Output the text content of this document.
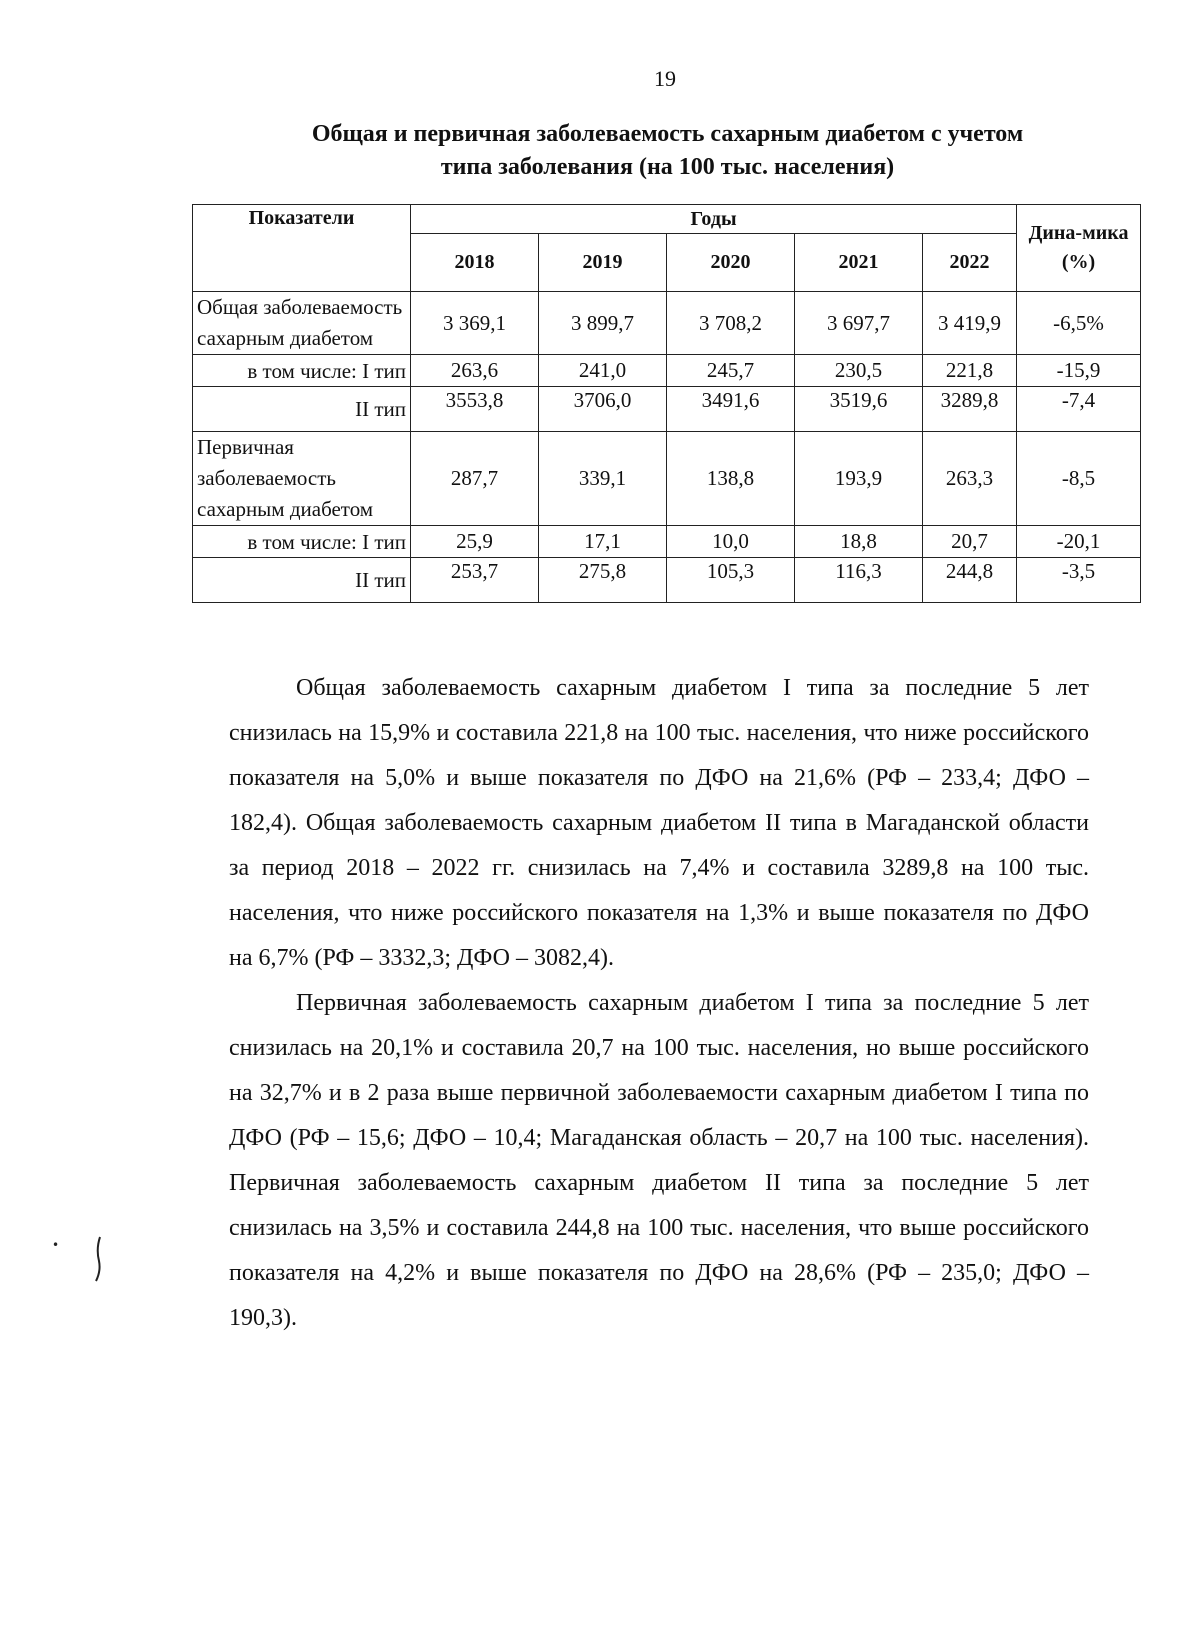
19
Общая и первичная заболеваемость сахарным диабетом с учетом
типа заболевания (на 100 тыс. населения)
Показатели	Годы					Дина-мика (%)
	2018	2019	2020	2021	2022	
Общая заболеваемость сахарным диабетом	3 369,1	3 899,7	3 708,2	3 697,7	3 419,9	-6,5%
в том числе: I тип	263,6	241,0	245,7	230,5	221,8	-15,9
II тип	3553,8	3706,0	3491,6	3519,6	3289,8	-7,4
Первичная заболеваемость сахарным диабетом	287,7	339,1	138,8	193,9	263,3	-8,5
в том числе: I тип	25,9	17,1	10,0	18,8	20,7	-20,1
II тип	253,7	275,8	105,3	116,3	244,8	-3,5

Общая заболеваемость сахарным диабетом I типа за последние 5 лет снизилась на 15,9% и составила 221,8 на 100 тыс. населения, что ниже российского показателя на 5,0% и выше показателя по ДФО на 21,6% (РФ – 233,4; ДФО – 182,4). Общая заболеваемость сахарным диабетом II типа в Магаданской области за период 2018 – 2022 гг. снизилась на 7,4% и составила 3289,8 на 100 тыс. населения, что ниже российского показателя на 1,3% и выше показателя по ДФО на 6,7% (РФ – 3332,3; ДФО – 3082,4).

Первичная заболеваемость сахарным диабетом I типа за последние 5 лет снизилась на 20,1% и составила 20,7 на 100 тыс. населения, но выше российского на 32,7% и в 2 раза выше первичной заболеваемости сахарным диабетом I типа по ДФО (РФ – 15,6; ДФО – 10,4; Магаданская область – 20,7 на 100 тыс. населения). Первичная заболеваемость сахарным диабетом II типа за последние 5 лет снизилась на 3,5% и составила 244,8 на 100 тыс. населения, что выше российского показателя на 4,2% и выше показателя по ДФО на 28,6% (РФ – 235,0; ДФО – 190,3).

•
